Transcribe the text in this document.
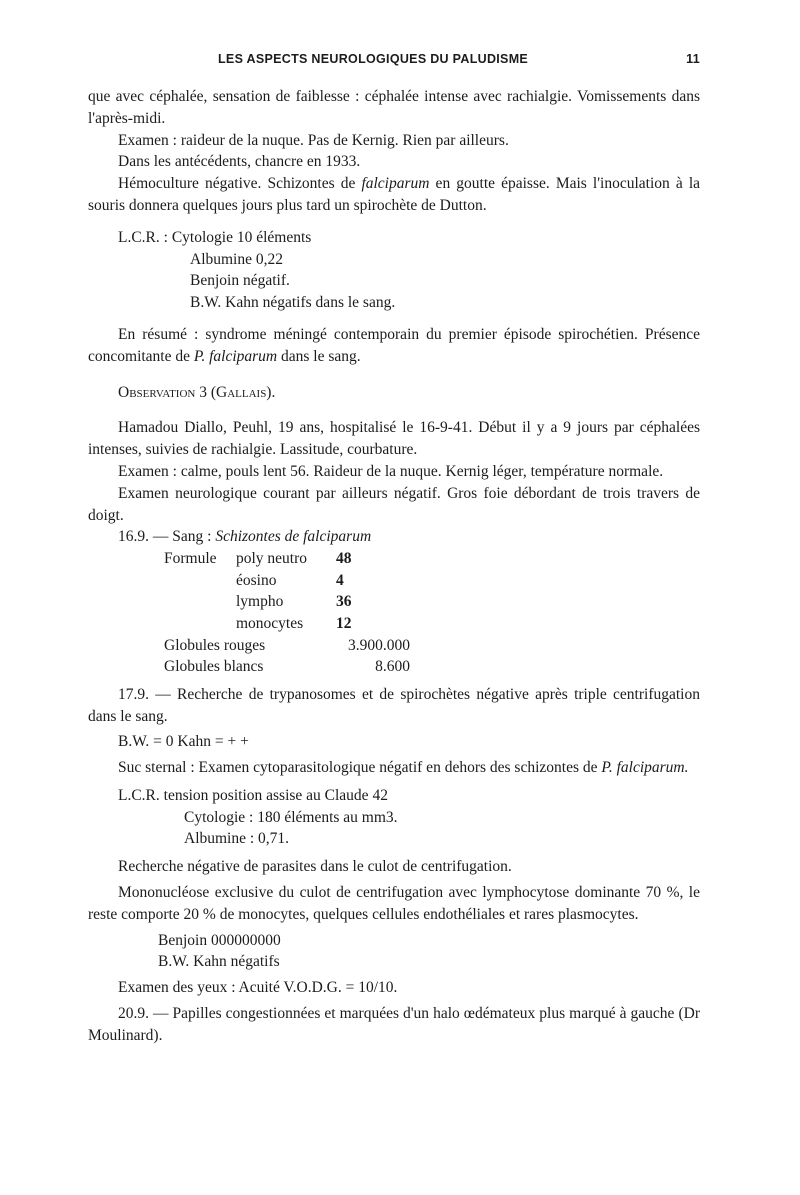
LES ASPECTS NEUROLOGIQUES DU PALUDISME	11

que avec céphalée, sensation de faiblesse : céphalée intense avec rachialgie. Vomissements dans l'après-midi.

Examen : raideur de la nuque. Pas de Kernig. Rien par ailleurs.

Dans les antécédents, chancre en 1933.

Hémoculture négative. Schizontes de falciparum en goutte épaisse. Mais l'inoculation à la souris donnera quelques jours plus tard un spirochète de Dutton.

L.C.R. : Cytologie 10 éléments

Albumine 0,22

Benjoin négatif.

B.W. Kahn négatifs dans le sang.

En résumé : syndrome méningé contemporain du premier épisode spirochétien. Présence concomitante de P. falciparum dans le sang.

Observation 3 (Gallais).

Hamadou Diallo, Peuhl, 19 ans, hospitalisé le 16-9-41. Début il y a 9 jours par céphalées intenses, suivies de rachialgie. Lassitude, courbature.

Examen : calme, pouls lent 56. Raideur de la nuque. Kernig léger, température normale.

Examen neurologique courant par ailleurs négatif. Gros foie débordant de trois travers de doigt.

16.9. — Sang : Schizontes de falciparum

Formule	poly neutro	48
	éosino	4
	lympho	36
	monocytes	12
Globules rouges	3.900.000
Globules blancs	8.600

17.9. — Recherche de trypanosomes et de spirochètes négative après triple centrifugation dans le sang.

B.W. = 0 Kahn = + +

Suc sternal : Examen cytoparasitologique négatif en dehors des schizontes de P. falciparum.

L.C.R. tension position assise au Claude 42

Cytologie : 180 éléments au mm3.

Albumine : 0,71.

Recherche négative de parasites dans le culot de centrifugation.

Mononucléose exclusive du culot de centrifugation avec lymphocytose dominante 70 %, le reste comporte 20 % de monocytes, quelques cellules endothéliales et rares plasmocytes.

Benjoin 000000000

B.W. Kahn négatifs

Examen des yeux : Acuité V.O.D.G. = 10/10.

20.9. — Papilles congestionnées et marquées d'un halo œdémateux plus marqué à gauche (Dr Moulinard).
